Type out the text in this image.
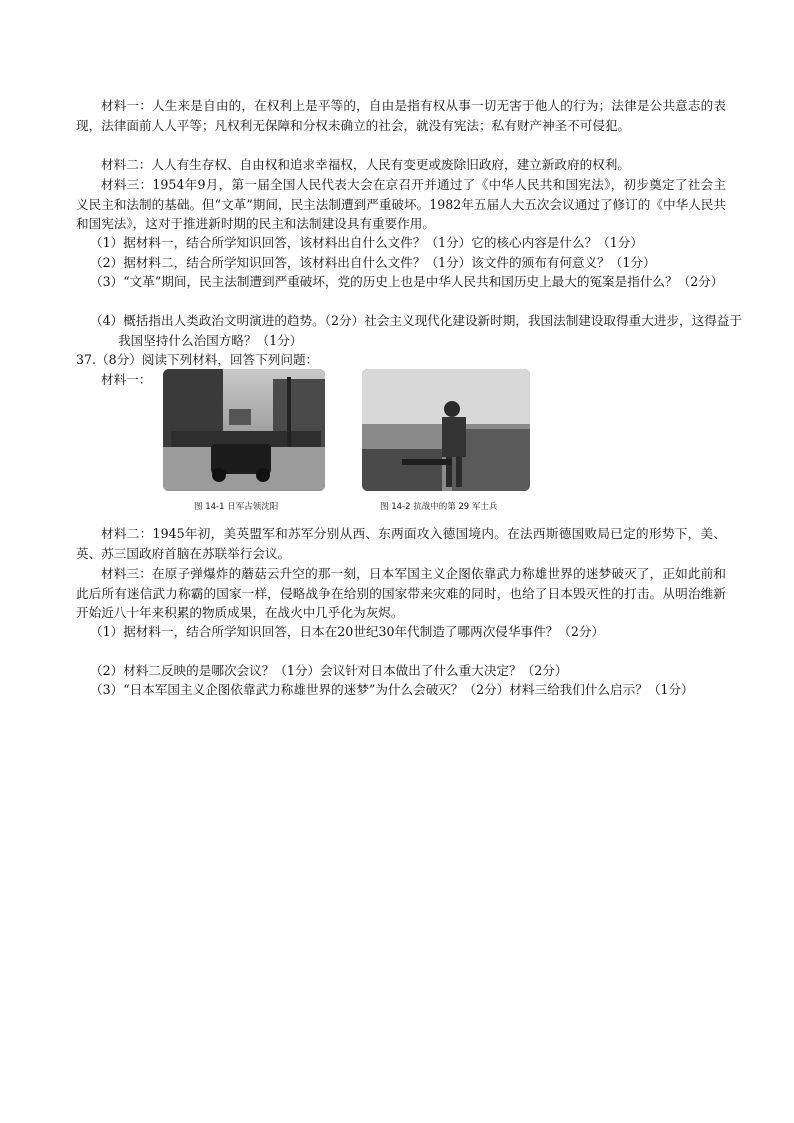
材料一：人生来是自由的，在权利上是平等的，自由是指有权从事一切无害于他人的行为；法律是公共意志的表现，法律面前人人平等；凡权利无保障和分权未确立的社会，就没有宪法；私有财产神圣不可侵犯。

材料二：人人有生存权、自由权和追求幸福权，人民有变更或废除旧政府，建立新政府的权利。

材料三：1954年9月，第一届全国人民代表大会在京召开并通过了《中华人民共和国宪法》，初步奠定了社会主义民主和法制的基础。但“文革”期间，民主法制遭到严重破坏。1982年五届人大五次会议通过了修订的《中华人民共和国宪法》，这对于推进新时期的民主和法制建设具有重要作用。

（1）据材料一，结合所学知识回答，该材料出自什么文件？（1分）它的核心内容是什么？（1分）

（2）据材料二，结合所学知识回答，该材料出自什么文件？（1分）该文件的颁布有何意义？（1分）

（3）“文革”期间，民主法制遭到严重破坏，党的历史上也是中华人民共和国历史上最大的冤案是指什么？（2分）

（4）概括指出人类政治文明演进的趋势。（2分）社会主义现代化建设新时期，我国法制建设取得重大进步，这得益于我国坚持什么治国方略？（1分）

37.（8分）阅读下列材料，回答下列问题：

材料一：
图 14-1 日军占领沈阳	图 14-2 抗战中的第 29 军士兵

材料二：1945年初，美英盟军和苏军分别从西、东两面攻入德国境内。在法西斯德国败局已定的形势下，美、英、苏三国政府首脑在苏联举行会议。

材料三：在原子弹爆炸的蘑菇云升空的那一刻，日本军国主义企图依靠武力称雄世界的迷梦破灭了，正如此前和此后所有迷信武力称霸的国家一样，侵略战争在给别的国家带来灾难的同时，也给了日本毁灭性的打击。从明治维新开始近八十年来积累的物质成果，在战火中几乎化为灰烬。

（1）据材料一，结合所学知识回答，日本在20世纪30年代制造了哪两次侵华事件？（2分）

（2）材料二反映的是哪次会议？（1分）会议针对日本做出了什么重大决定？（2分）

（3）“日本军国主义企图依靠武力称雄世界的迷梦”为什么会破灭？（2分）材料三给我们什么启示？（1分）
